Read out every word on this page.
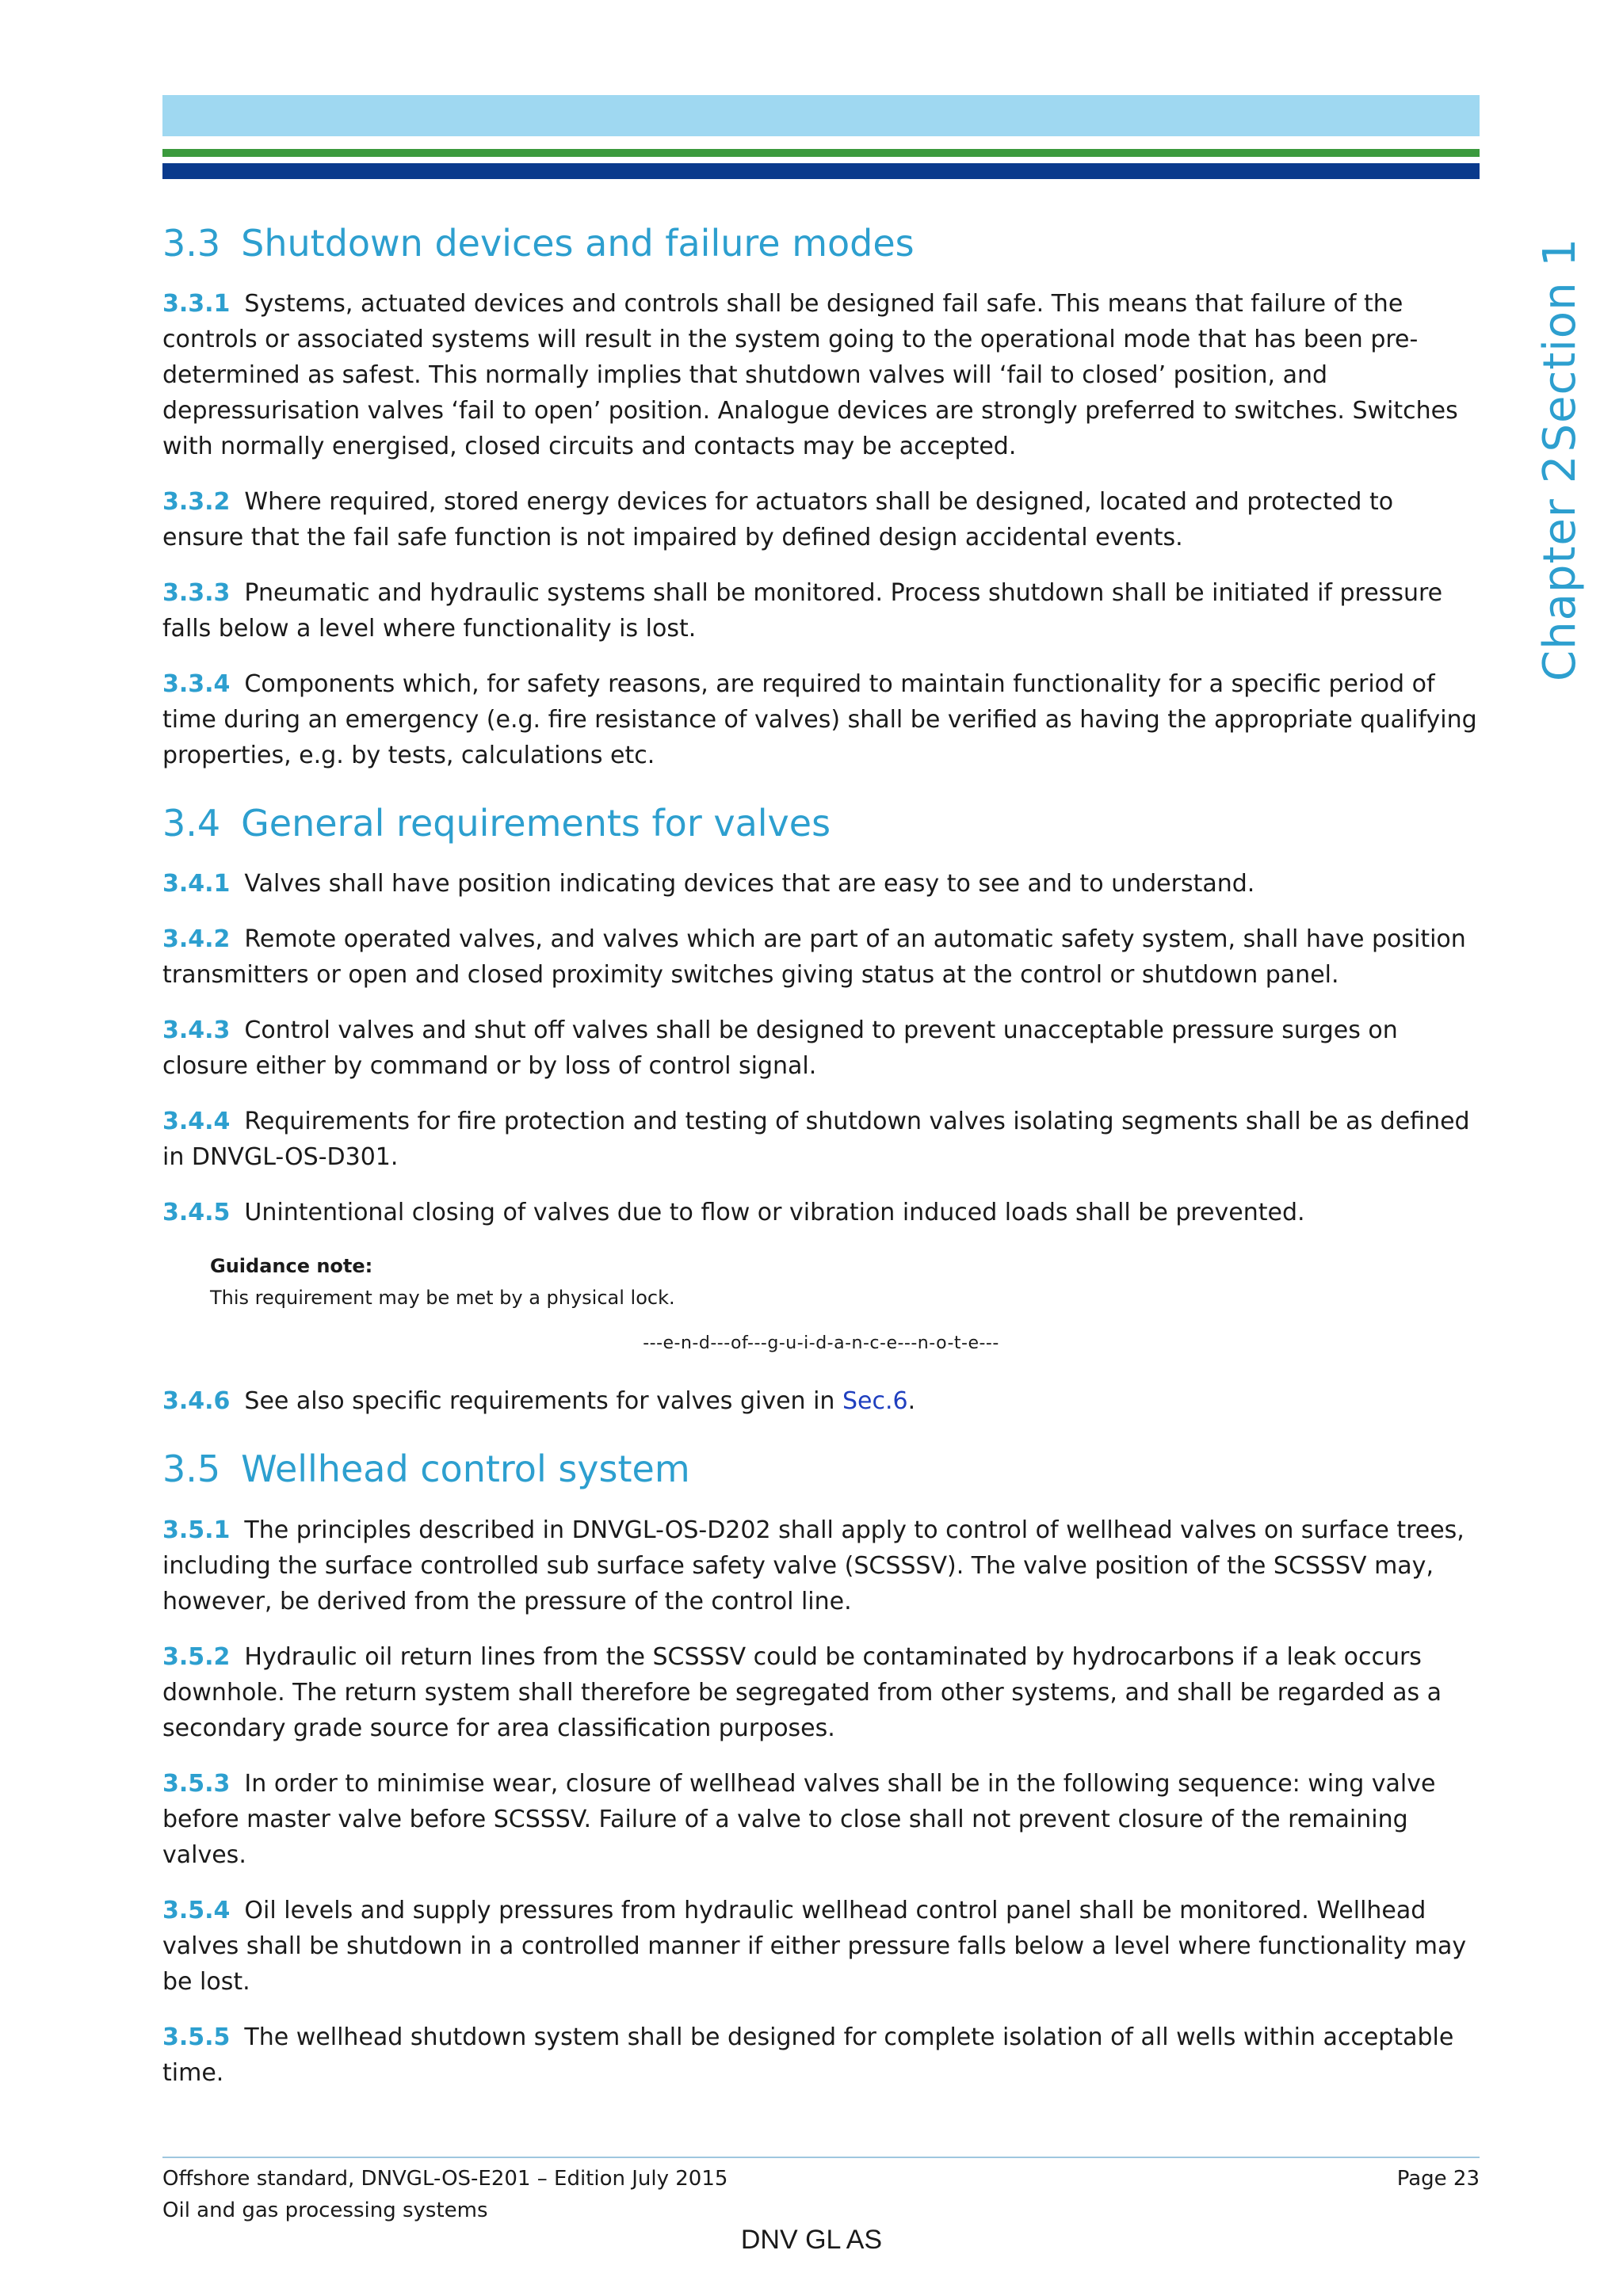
Chapter 2
Section 1
3.3 Shutdown devices and failure modes

3.3.1 Systems, actuated devices and controls shall be designed fail safe. This means that failure of the controls or associated systems will result in the system going to the operational mode that has been pre-determined as safest. This normally implies that shutdown valves will ‘fail to closed’ position, and depressurisation valves ‘fail to open’ position. Analogue devices are strongly preferred to switches. Switches with normally energised, closed circuits and contacts may be accepted.

3.3.2 Where required, stored energy devices for actuators shall be designed, located and protected to ensure that the fail safe function is not impaired by defined design accidental events.

3.3.3 Pneumatic and hydraulic systems shall be monitored. Process shutdown shall be initiated if pressure falls below a level where functionality is lost.

3.3.4 Components which, for safety reasons, are required to maintain functionality for a specific period of time during an emergency (e.g. fire resistance of valves) shall be verified as having the appropriate qualifying properties, e.g. by tests, calculations etc.

3.4 General requirements for valves

3.4.1 Valves shall have position indicating devices that are easy to see and to understand.

3.4.2 Remote operated valves, and valves which are part of an automatic safety system, shall have position transmitters or open and closed proximity switches giving status at the control or shutdown panel.

3.4.3 Control valves and shut off valves shall be designed to prevent unacceptable pressure surges on closure either by command or by loss of control signal.

3.4.4 Requirements for fire protection and testing of shutdown valves isolating segments shall be as defined in DNVGL-OS-D301.

3.4.5 Unintentional closing of valves due to flow or vibration induced loads shall be prevented.

Guidance note:
This requirement may be met by a physical lock.
---e-n-d---of---g-u-i-d-a-n-c-e---n-o-t-e---

3.4.6 See also specific requirements for valves given in Sec.6.

3.5 Wellhead control system

3.5.1 The principles described in DNVGL-OS-D202 shall apply to control of wellhead valves on surface trees, including the surface controlled sub surface safety valve (SCSSSV). The valve position of the SCSSSV may, however, be derived from the pressure of the control line.

3.5.2 Hydraulic oil return lines from the SCSSSV could be contaminated by hydrocarbons if a leak occurs downhole. The return system shall therefore be segregated from other systems, and shall be regarded as a secondary grade source for area classification purposes.

3.5.3 In order to minimise wear, closure of wellhead valves shall be in the following sequence: wing valve before master valve before SCSSSV. Failure of a valve to close shall not prevent closure of the remaining valves.

3.5.4 Oil levels and supply pressures from hydraulic wellhead control panel shall be monitored. Wellhead valves shall be shutdown in a controlled manner if either pressure falls below a level where functionality may be lost.

3.5.5 The wellhead shutdown system shall be designed for complete isolation of all wells within acceptable time.

Offshore standard, DNVGL-OS-E201 – Edition July 2015
Oil and gas processing systems
Page 23
DNV GL AS
